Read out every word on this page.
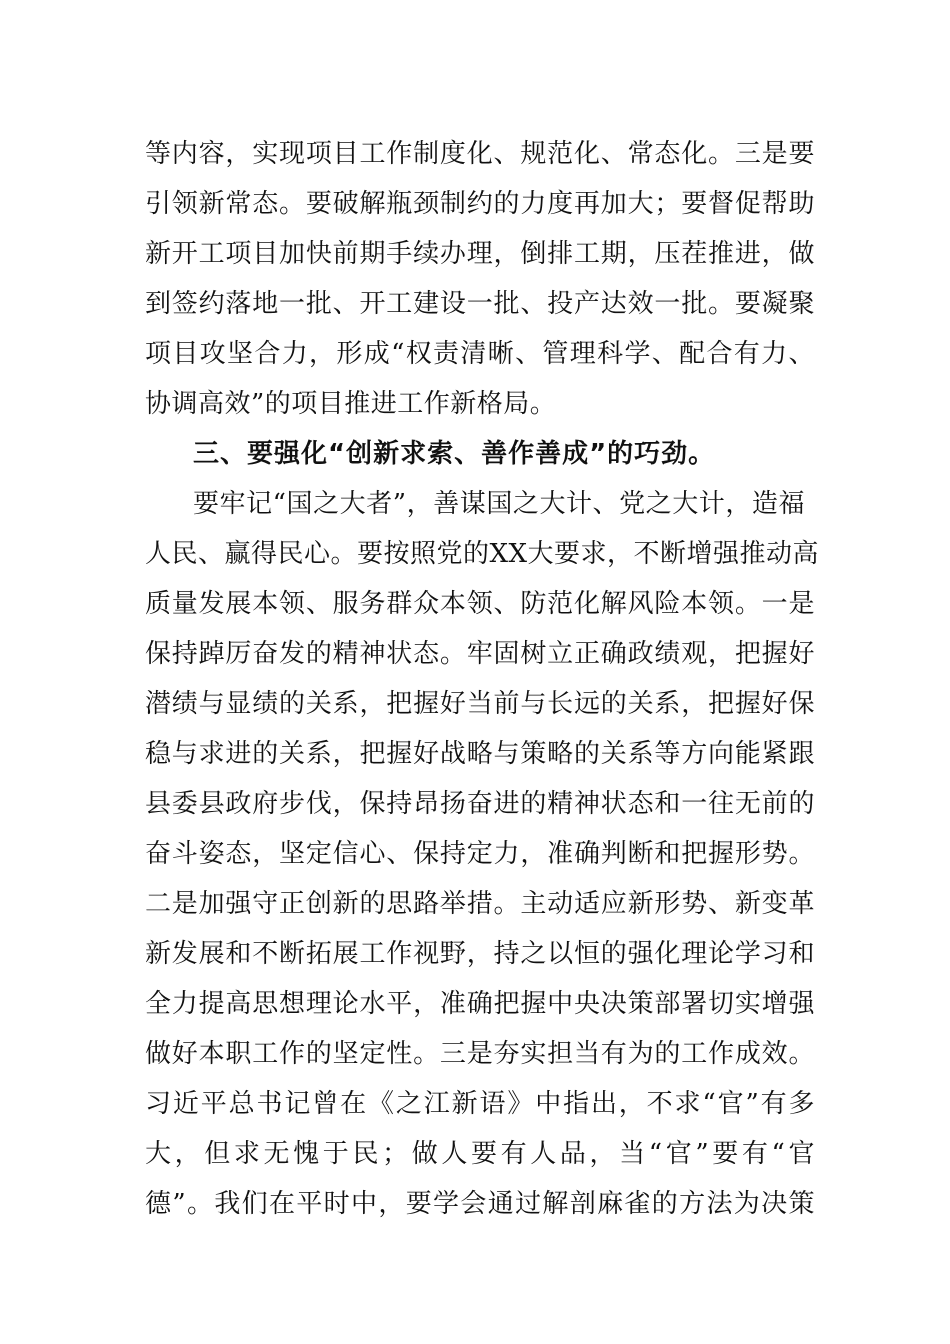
等内容，实现项目工作制度化、规范化、常态化。三是要
引领新常态。要破解瓶颈制约的力度再加大；要督促帮助
新开工项目加快前期手续办理，倒排工期，压茬推进，做
到签约落地一批、开工建设一批、投产达效一批。要凝聚
项目攻坚合力，形成“权责清晰、管理科学、配合有力、
协调高效”的项目推进工作新格局。
三、要强化“创新求索、善作善成”的巧劲。
要牢记“国之大者”，善谋国之大计、党之大计，造福
人民、赢得民心。要按照党的XX大要求，不断增强推动高
质量发展本领、服务群众本领、防范化解风险本领。一是
保持踔厉奋发的精神状态。牢固树立正确政绩观，把握好
潜绩与显绩的关系，把握好当前与长远的关系，把握好保
稳与求进的关系，把握好战略与策略的关系等方向能紧跟
县委县政府步伐，保持昂扬奋进的精神状态和一往无前的
奋斗姿态，坚定信心、保持定力，准确判断和把握形势。
二是加强守正创新的思路举措。主动适应新形势、新变革
新发展和不断拓展工作视野，持之以恒的强化理论学习和
全力提高思想理论水平，准确把握中央决策部署切实增强
做好本职工作的坚定性。三是夯实担当有为的工作成效。
习近平总书记曾在《之江新语》中指出，不求“官”有多
大，但求无愧于民；做人要有人品，当“官”要有“官
德”。我们在平时中，要学会通过解剖麻雀的方法为决策
